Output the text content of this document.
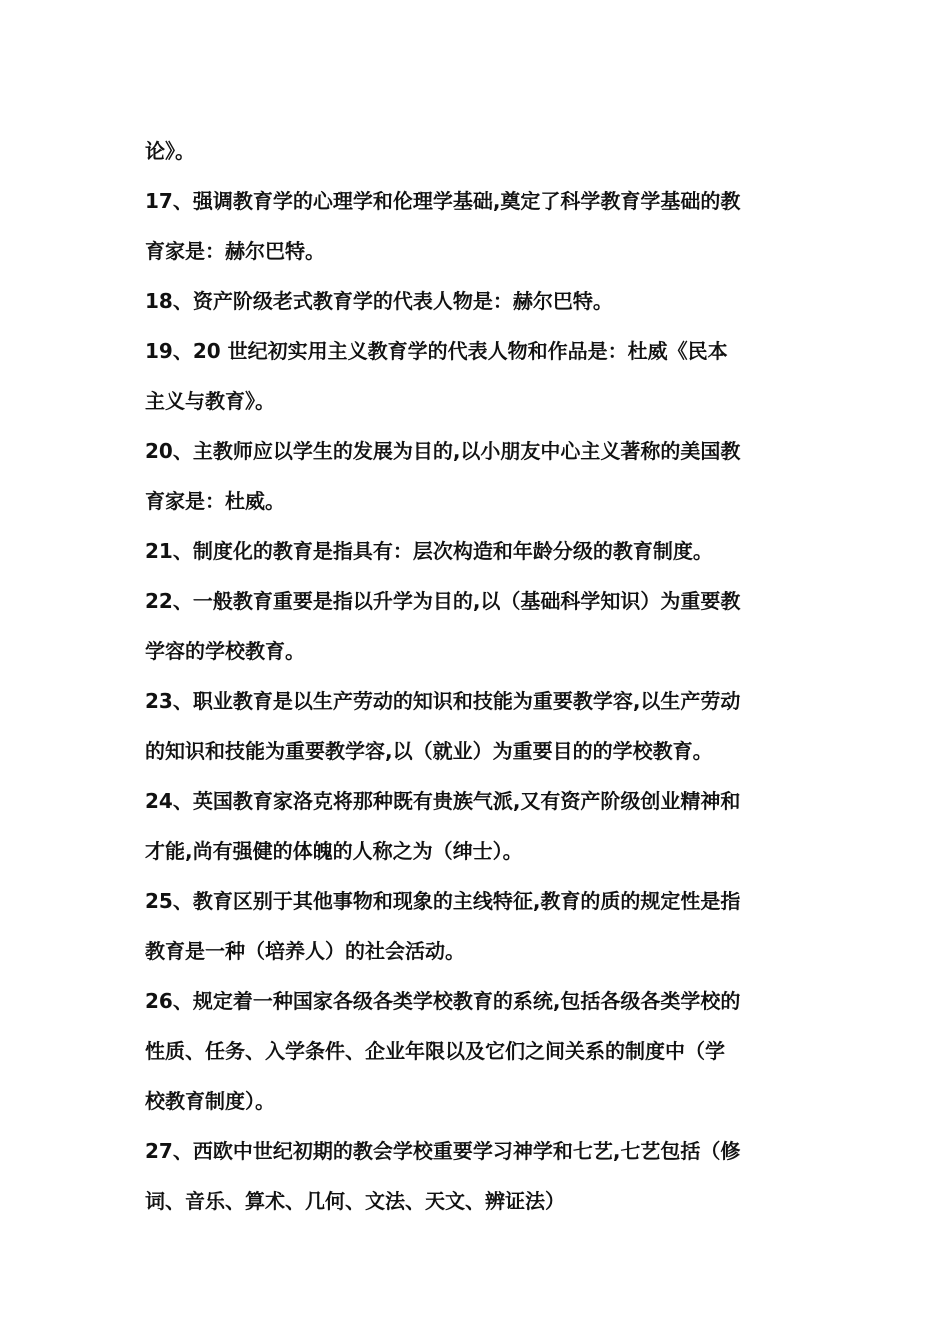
论》。
17、强调教育学的心理学和伦理学基础,奠定了科学教育学基础的教
育家是：赫尔巴特。
18、资产阶级老式教育学的代表人物是：赫尔巴特。
19、20 世纪初实用主义教育学的代表人物和作品是：杜威《民本
主义与教育》。
20、主教师应以学生的发展为目的,以小朋友中心主义著称的美国教
育家是：杜威。
21、制度化的教育是指具有：层次构造和年龄分级的教育制度。
22、一般教育重要是指以升学为目的,以（基础科学知识）为重要教
学容的学校教育。
23、职业教育是以生产劳动的知识和技能为重要教学容,以生产劳动
的知识和技能为重要教学容,以（就业）为重要目的的学校教育。
24、英国教育家洛克将那种既有贵族气派,又有资产阶级创业精神和
才能,尚有强健的体魄的人称之为（绅士）。
25、教育区别于其他事物和现象的主线特征,教育的质的规定性是指
教育是一种（培养人）的社会活动。
26、规定着一种国家各级各类学校教育的系统,包括各级各类学校的
性质、任务、入学条件、企业年限以及它们之间关系的制度中（学
校教育制度）。
27、西欧中世纪初期的教会学校重要学习神学和七艺,七艺包括（修
词、音乐、算术、几何、文法、天文、辨证法）
